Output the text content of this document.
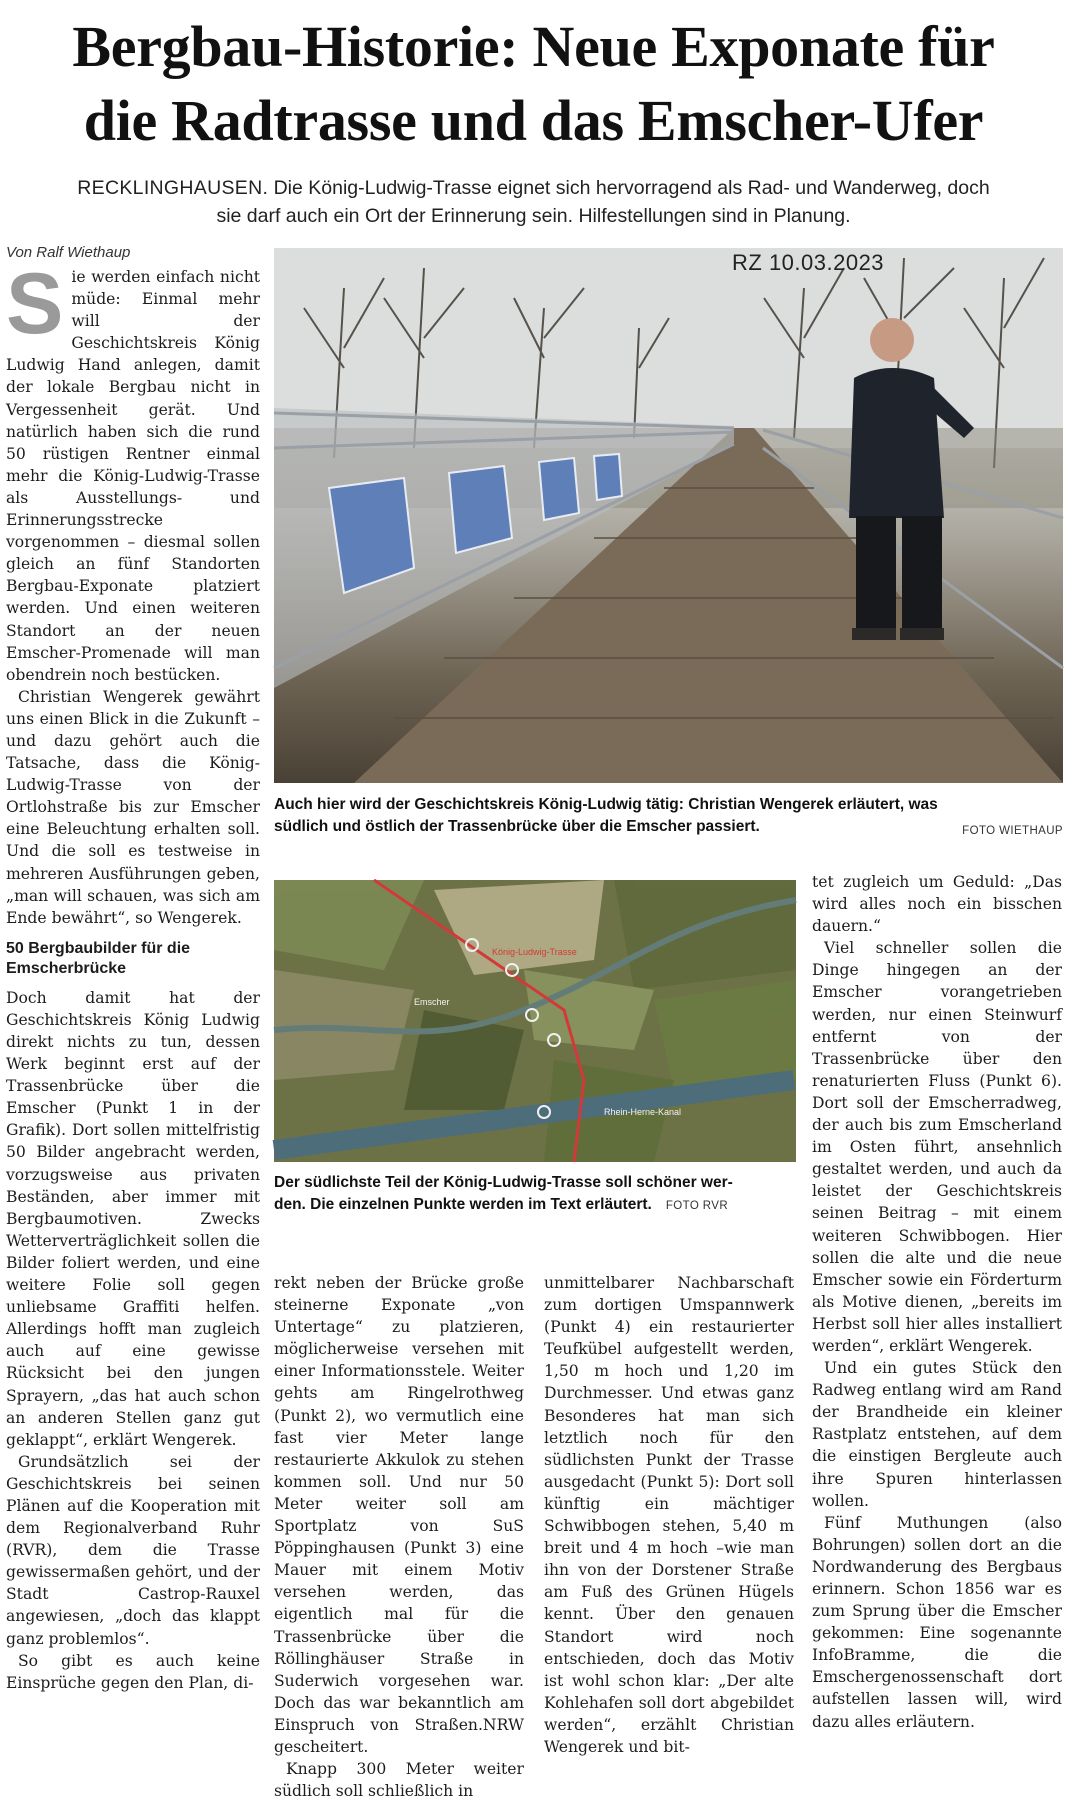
Bergbau-Historie: Neue Exponate für
die Radtrasse und das Emscher-Ufer
RECKLINGHAUSEN. Die König-Ludwig-Trasse eignet sich hervorragend als Rad- und Wanderweg, doch
sie darf auch ein Ort der Erinnerung sein. Hilfestellungen sind in Planung.
Von Ralf Wiethaup

Sie werden einfach nicht müde: Einmal mehr will der Geschichtskreis König Ludwig Hand anlegen, damit der lokale Bergbau nicht in Vergessenheit gerät. Und natürlich haben sich die rund 50 rüstigen Rentner einmal mehr die König-Ludwig-Trasse als Ausstellungs- und Erinnerungsstrecke vorgenommen – diesmal sollen gleich an fünf Standorten Bergbau-Exponate platziert werden. Und einen weiteren Standort an der neuen Emscher-Promenade will man obendrein noch bestücken.

Christian Wengerek gewährt uns einen Blick in die Zukunft – und dazu gehört auch die Tatsache, dass die König-Ludwig-Trasse von der Ortlohstraße bis zur Emscher eine Beleuchtung erhalten soll. Und die soll es testweise in mehreren Ausführungen geben, „man will schauen, was sich am Ende bewährt“, so Wengerek.

50 Bergbaubilder für die Emscherbrücke

Doch damit hat der Geschichtskreis König Ludwig direkt nichts zu tun, dessen Werk beginnt erst auf der Trassenbrücke über die Emscher (Punkt 1 in der Grafik). Dort sollen mittelfristig 50 Bilder angebracht werden, vorzugsweise aus privaten Beständen, aber immer mit Bergbaumotiven. Zwecks Wetterverträglichkeit sollen die Bilder foliert werden, und eine weitere Folie soll gegen unliebsame Graffiti helfen. Allerdings hofft man zugleich auch auf eine gewisse Rücksicht bei den jungen Sprayern, „das hat auch schon an anderen Stellen ganz gut geklappt“, erklärt Wengerek.

Grundsätzlich sei der Geschichtskreis bei seinen Plänen auf die Kooperation mit dem Regionalverband Ruhr (RVR), dem die Trasse gewissermaßen gehört, und der Stadt Castrop-Rauxel angewiesen, „doch das klappt ganz problemlos“.

So gibt es auch keine Einsprüche gegen den Plan, di-

RZ 10.03.2023
Auch hier wird der Geschichtskreis König-Ludwig tätig: Christian Wengerek erläutert, was
südlich und östlich der Trassenbrücke über die Emscher passiert.	FOTO WIETHAUP
König-Ludwig-Trasse
Rhein-Herne-Kanal
Emscher
Der südlichste Teil der König-Ludwig-Trasse soll schöner wer-
den. Die einzelnen Punkte werden im Text erläutert. FOTO RVR

rekt neben der Brücke große steinerne Exponate „von Untertage“ zu platzieren, möglicherweise versehen mit einer Informationsstele. Weiter gehts am Ringelrothweg (Punkt 2), wo vermutlich eine fast vier Meter lange restaurierte Akkulok zu stehen kommen soll. Und nur 50 Meter weiter soll am Sportplatz von SuS Pöppinghausen (Punkt 3) eine Mauer mit einem Motiv versehen werden, das eigentlich mal für die Trassenbrücke über die Röllinghäuser Straße in Suderwich vorgesehen war. Doch das war bekanntlich am Einspruch von Straßen.NRW gescheitert.

Knapp 300 Meter weiter südlich soll schließlich in

unmittelbarer Nachbarschaft zum dortigen Umspannwerk (Punkt 4) ein restaurierter Teufkübel aufgestellt werden, 1,50 m hoch und 1,20 im Durchmesser. Und etwas ganz Besonderes hat man sich letztlich noch für den südlichsten Punkt der Trasse ausgedacht (Punkt 5): Dort soll künftig ein mächtiger Schwibbogen stehen, 5,40 m breit und 4 m hoch –wie man ihn von der Dorstener Straße am Fuß des Grünen Hügels kennt. Über den genauen Standort wird noch entschieden, doch das Motiv ist wohl schon klar: „Der alte Kohlehafen soll dort abgebildet werden“, erzählt Christian Wengerek und bit-

tet zugleich um Geduld: „Das wird alles noch ein bisschen dauern.“

Viel schneller sollen die Dinge hingegen an der Emscher vorangetrieben werden, nur einen Steinwurf entfernt von der Trassenbrücke über den renaturierten Fluss (Punkt 6). Dort soll der Emscherradweg, der auch bis zum Emscherland im Osten führt, ansehnlich gestaltet werden, und auch da leistet der Geschichtskreis seinen Beitrag – mit einem weiteren Schwibbogen. Hier sollen die alte und die neue Emscher sowie ein Förderturm als Motive dienen, „bereits im Herbst soll hier alles installiert werden“, erklärt Wengerek.

Und ein gutes Stück den Radweg entlang wird am Rand der Brandheide ein kleiner Rastplatz entstehen, auf dem die einstigen Bergleute auch ihre Spuren hinterlassen wollen.

Fünf Muthungen (also Bohrungen) sollen dort an die Nordwanderung des Bergbaus erinnern. Schon 1856 war es zum Sprung über die Emscher gekommen: Eine sogenannte InfoBramme, die die Emschergenossenschaft dort aufstellen lassen will, wird dazu alles erläutern.
